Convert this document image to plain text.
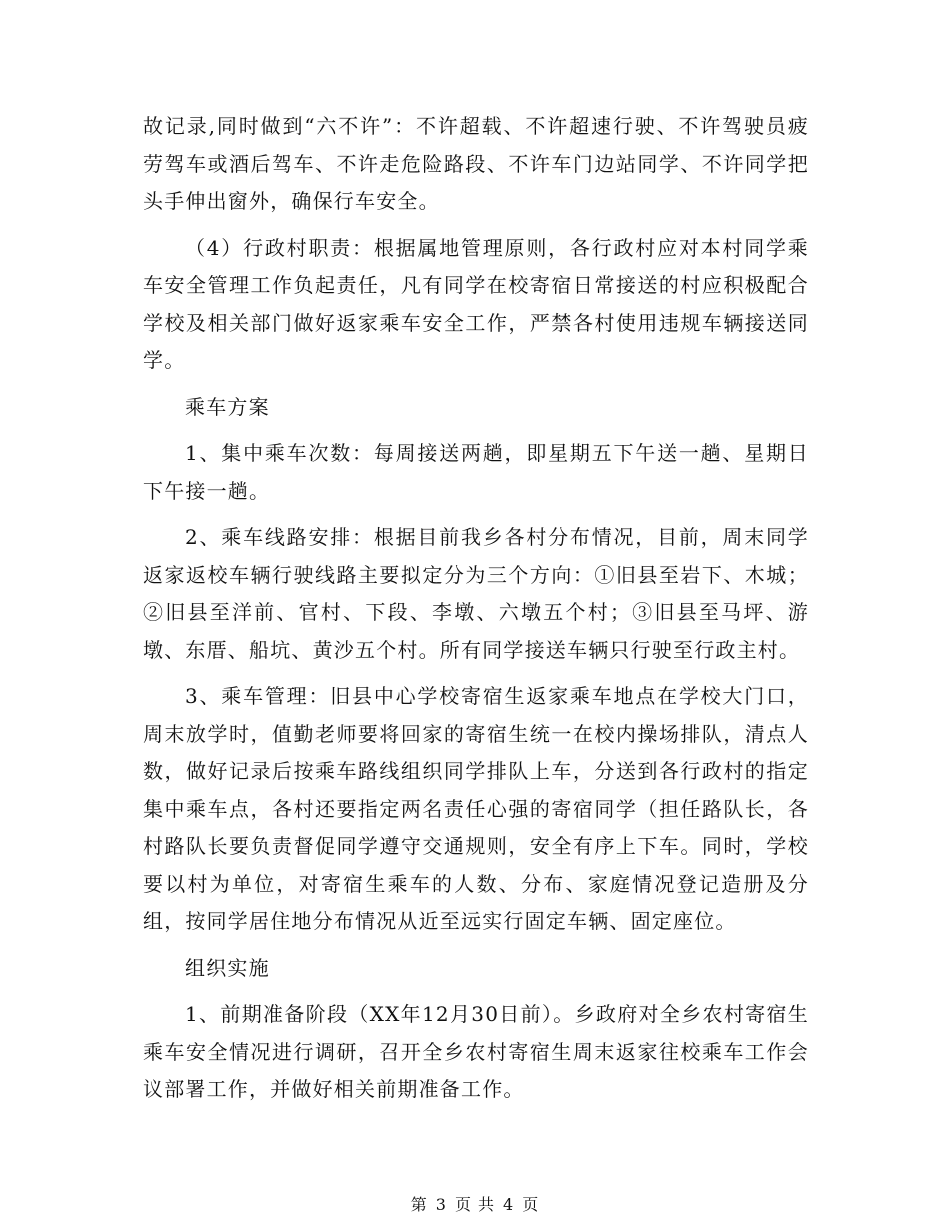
故记录,同时做到“六不许”：不许超载、不许超速行驶、不许驾驶员疲劳驾车或酒后驾车、不许走危险路段、不许车门边站同学、不许同学把头手伸出窗外，确保行车安全。

（4）行政村职责：根据属地管理原则，各行政村应对本村同学乘车安全管理工作负起责任，凡有同学在校寄宿日常接送的村应积极配合学校及相关部门做好返家乘车安全工作，严禁各村使用违规车辆接送同学。

乘车方案

1、集中乘车次数：每周接送两趟，即星期五下午送一趟、星期日下午接一趟。

2、乘车线路安排：根据目前我乡各村分布情况，目前，周末同学返家返校车辆行驶线路主要拟定分为三个方向：①旧县至岩下、木城；②旧县至洋前、官村、下段、李墩、六墩五个村；③旧县至马坪、游墩、东厝、船坑、黄沙五个村。所有同学接送车辆只行驶至行政主村。

3、乘车管理：旧县中心学校寄宿生返家乘车地点在学校大门口，周末放学时，值勤老师要将回家的寄宿生统一在校内操场排队，清点人数，做好记录后按乘车路线组织同学排队上车，分送到各行政村的指定集中乘车点，各村还要指定两名责任心强的寄宿同学（担任路队长，各村路队长要负责督促同学遵守交通规则，安全有序上下车。同时，学校要以村为单位，对寄宿生乘车的人数、分布、家庭情况登记造册及分组，按同学居住地分布情况从近至远实行固定车辆、固定座位。

组织实施

1、前期准备阶段（XX年12月30日前）。乡政府对全乡农村寄宿生乘车安全情况进行调研，召开全乡农村寄宿生周末返家往校乘车工作会议部署工作，并做好相关前期准备工作。

第 3 页 共 4 页
